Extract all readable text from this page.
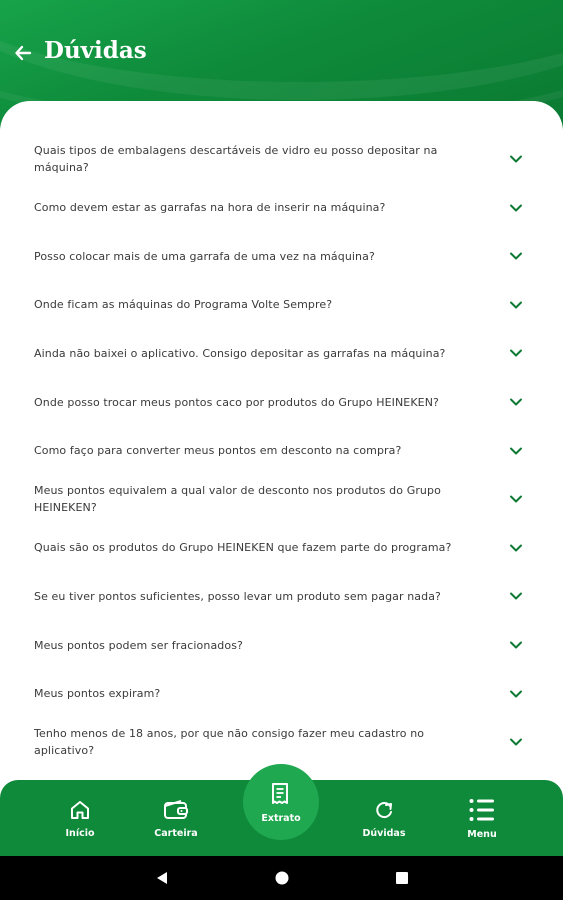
Dúvidas
Quais tipos de embalagens descartáveis de vidro eu posso depositar na máquina?
Como devem estar as garrafas na hora de inserir na máquina?
Posso colocar mais de uma garrafa de uma vez na máquina?
Onde ficam as máquinas do Programa Volte Sempre?
Ainda não baixei o aplicativo. Consigo depositar as garrafas na máquina?
Onde posso trocar meus pontos caco por produtos do Grupo HEINEKEN?
Como faço para converter meus pontos em desconto na compra?
Meus pontos equivalem a qual valor de desconto nos produtos do Grupo HEINEKEN?
Quais são os produtos do Grupo HEINEKEN que fazem parte do programa?
Se eu tiver pontos suficientes, posso levar um produto sem pagar nada?
Meus pontos podem ser fracionados?
Meus pontos expiram?
Tenho menos de 18 anos, por que não consigo fazer meu cadastro no aplicativo?
Início	Carteira	Dúvidas	Menu
Extrato
